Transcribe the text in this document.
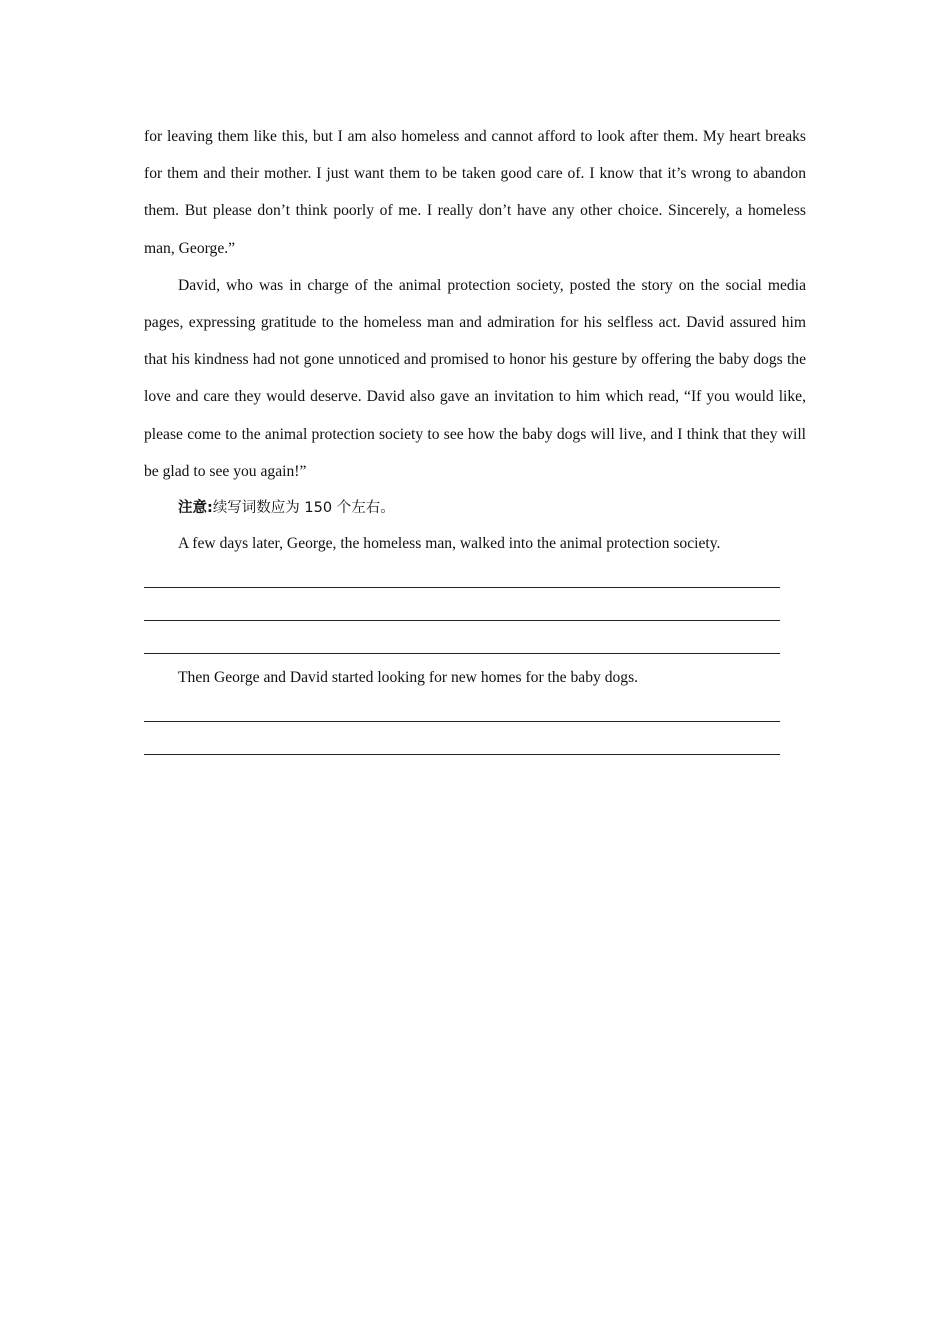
for leaving them like this, but I am also homeless and cannot afford to look after them. My heart breaks for them and their mother. I just want them to be taken good care of. I know that it’s wrong to abandon them. But please don’t think poorly of me. I really don’t have any other choice. Sincerely, a homeless man, George.”

David, who was in charge of the animal protection society, posted the story on the social media pages, expressing gratitude to the homeless man and admiration for his selfless act. David assured him that his kindness had not gone unnoticed and promised to honor his gesture by offering the baby dogs the love and care they would deserve. David also gave an invitation to him which read, “If you would like, please come to the animal protection society to see how the baby dogs will live, and I think that they will be glad to see you again!”

注意:续写词数应为 150 个左右。

A few days later, George, the homeless man, walked into the animal protection society.

Then George and David started looking for new homes for the baby dogs.
